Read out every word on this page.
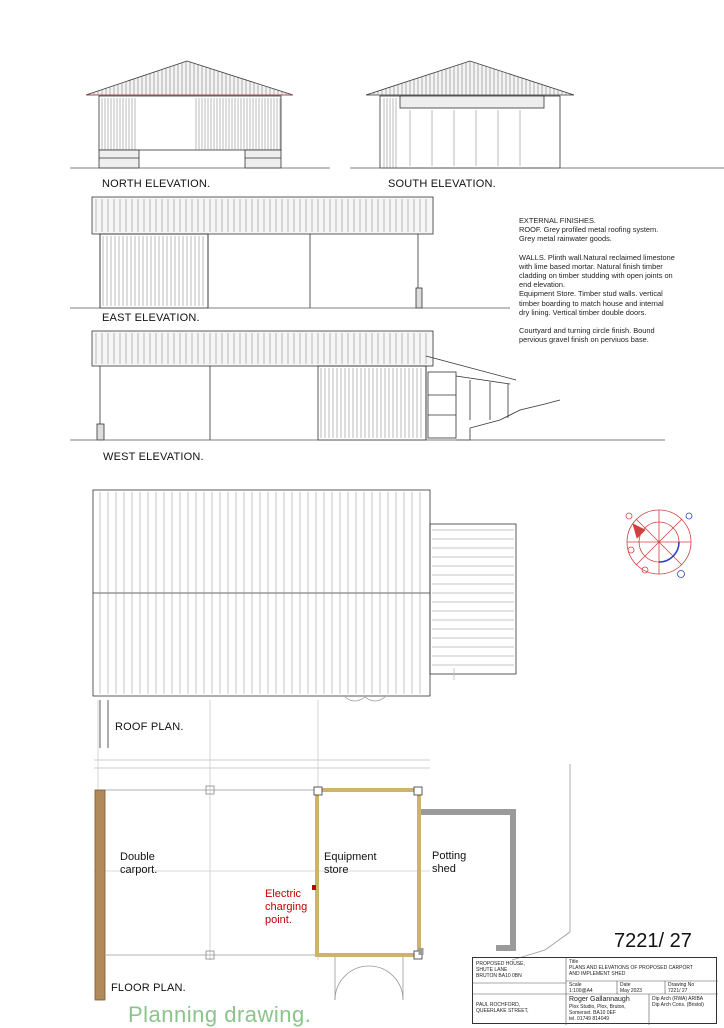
NORTH ELEVATION.	SOUTH ELEVATION.
EAST ELEVATION.
WEST ELEVATION.
ROOF PLAN.
FLOOR PLAN.

EXTERNAL FINISHES.

ROOF. Grey profiled metal roofing system.

Grey metal rainwater goods.

WALLS. Plinth wall.Natural reclaimed limestone

with lime based mortar. Natural finish timber

cladding on timber studding with open joints on

end elevation.

Equipment Store. Timber stud walls. vertical

timber boarding to match house and internal

dry lining. Vertical timber double doors.

Courtyard and turning circle finish. Bound

pervious gravel finish on perviuos base.

Double
carport.
Equipment
store
Potting
shed
Electric
charging
point.
7221/ 27
PROPOSED HOUSE,
SHUTE LANE
BRUTON BA10 0BN
Title
PLANS AND ELEVATIONS OF PROPOSED CARPORT
AND IMPLEMENT SHED
Scale
1:100@A4
Date
May 2023
Drawing No
7221/ 27
PAUL ROCHFORD,
QUEERLAKE STREET,
Roger Gallannaugh
Plox Studio, Plox, Bruton,
Somerset. BA10 0EF
tel. 01749 814049
Dip Arch (RWA) ARIBA
Dip Arch Cons. (Bristol)
Planning drawing.
